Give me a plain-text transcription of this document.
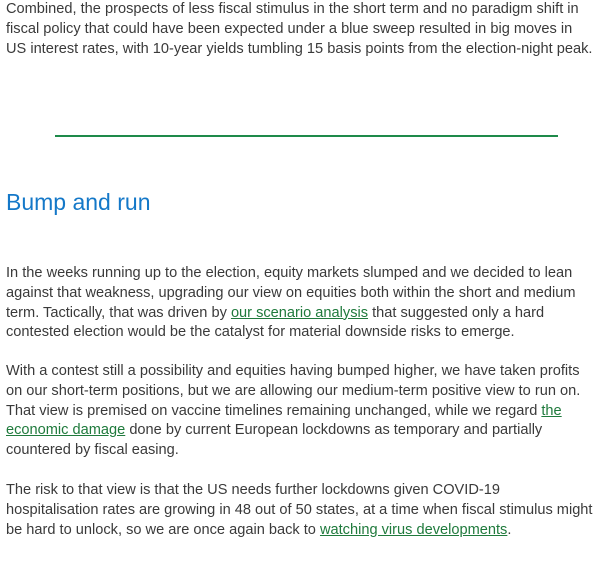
Combined, the prospects of less fiscal stimulus in the short term and no paradigm shift in fiscal policy that could have been expected under a blue sweep resulted in big moves in US interest rates, with 10-year yields tumbling 15 basis points from the election-night peak.

Bump and run

In the weeks running up to the election, equity markets slumped and we decided to lean against that weakness, upgrading our view on equities both within the short and medium term. Tactically, that was driven by our scenario analysis that suggested only a hard contested election would be the catalyst for material downside risks to emerge.

With a contest still a possibility and equities having bumped higher, we have taken profits on our short-term positions, but we are allowing our medium-term positive view to run on. That view is premised on vaccine timelines remaining unchanged, while we regard the economic damage done by current European lockdowns as temporary and partially countered by fiscal easing.

The risk to that view is that the US needs further lockdowns given COVID-19 hospitalisation rates are growing in 48 out of 50 states, at a time when fiscal stimulus might be hard to unlock, so we are once again back to watching virus developments.
